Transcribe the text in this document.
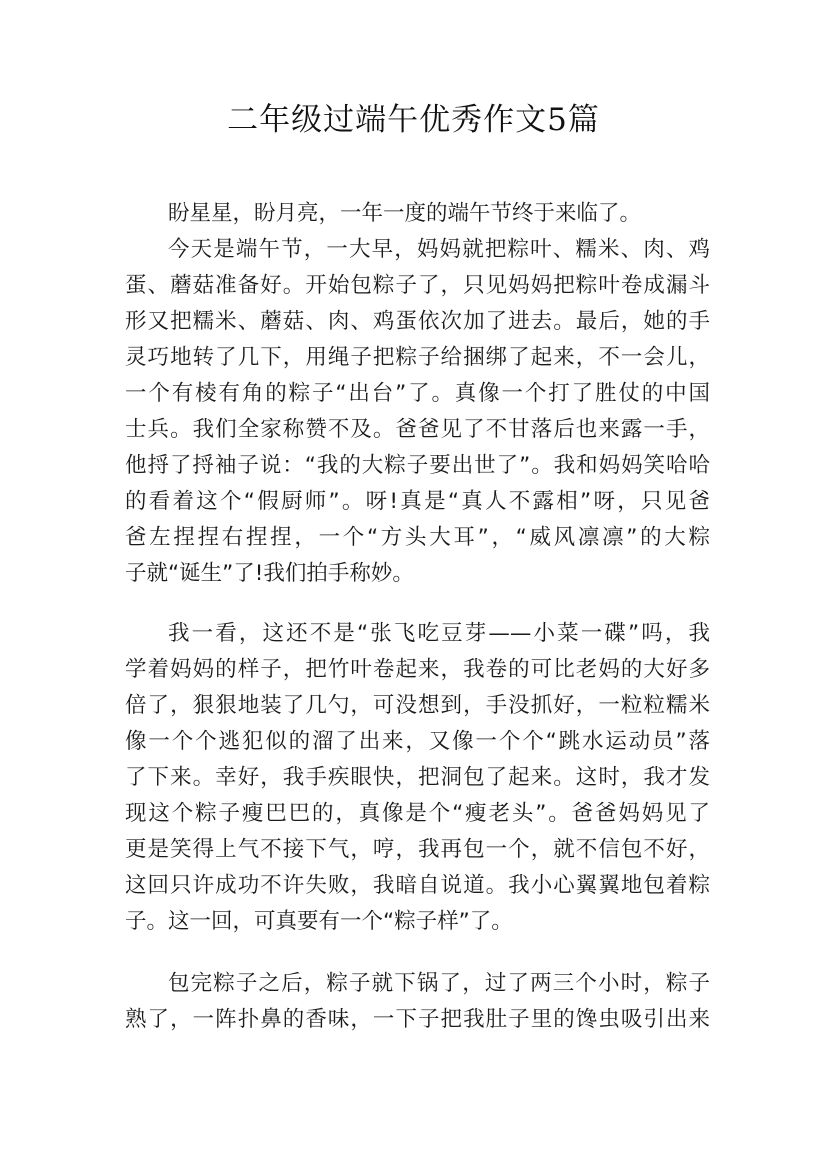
二年级过端午优秀作文5篇
盼星星，盼月亮，一年一度的端午节终于来临了。
今天是端午节，一大早，妈妈就把粽叶、糯米、肉、鸡
蛋、蘑菇准备好。开始包粽子了，只见妈妈把粽叶卷成漏斗
形又把糯米、蘑菇、肉、鸡蛋依次加了进去。最后，她的手
灵巧地转了几下，用绳子把粽子给捆绑了起来，不一会儿，
一个有棱有角的粽子“出台”了。真像一个打了胜仗的中国
士兵。我们全家称赞不及。爸爸见了不甘落后也来露一手，
他捋了捋袖子说：“我的大粽子要出世了”。我和妈妈笑哈哈
的看着这个“假厨师”。呀!真是“真人不露相”呀，只见爸
爸左捏捏右捏捏，一个“方头大耳”，“威风凛凛”的大粽
子就“诞生”了!我们拍手称妙。
我一看，这还不是“张飞吃豆芽——小菜一碟”吗，我
学着妈妈的样子，把竹叶卷起来，我卷的可比老妈的大好多
倍了，狠狠地装了几勺，可没想到，手没抓好，一粒粒糯米
像一个个逃犯似的溜了出来，又像一个个“跳水运动员”落
了下来。幸好，我手疾眼快，把洞包了起来。这时，我才发
现这个粽子瘦巴巴的，真像是个“瘦老头”。爸爸妈妈见了
更是笑得上气不接下气，哼，我再包一个，就不信包不好，
这回只许成功不许失败，我暗自说道。我小心翼翼地包着粽
子。这一回，可真要有一个“粽子样”了。
包完粽子之后，粽子就下锅了，过了两三个小时，粽子
熟了，一阵扑鼻的香味，一下子把我肚子里的馋虫吸引出来
